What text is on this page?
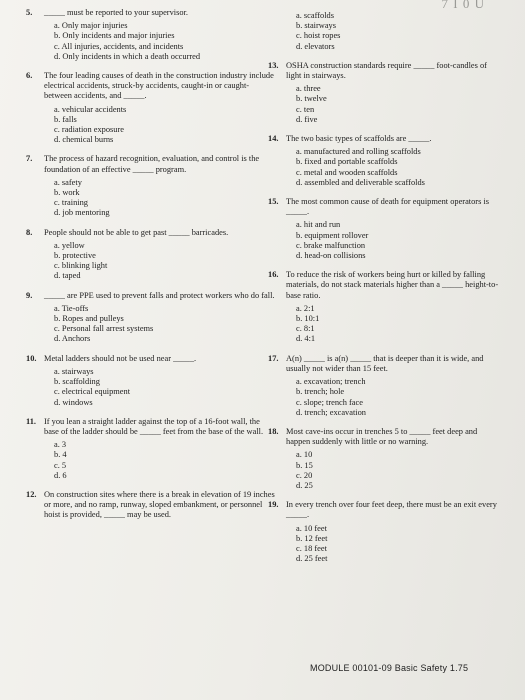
7 I 0 U
5. _____ must be reported to your supervisor.
a. Only major injuries
b. Only incidents and major injuries
c. All injuries, accidents, and incidents
d. Only incidents in which a death occurred
6. The four leading causes of death in the construction industry include electrical accidents, struck-by accidents, caught-in or caught-between accidents, and _____.
a. vehicular accidents
b. falls
c. radiation exposure
d. chemical burns
7. The process of hazard recognition, evaluation, and control is the foundation of an effective _____ program.
a. safety
b. work
c. training
d. job mentoring
8. People should not be able to get past _____ barricades.
a. yellow
b. protective
c. blinking light
d. taped
9. _____ are PPE used to prevent falls and protect workers who do fall.
a. Tie-offs
b. Ropes and pulleys
c. Personal fall arrest systems
d. Anchors
10. Metal ladders should not be used near _____.
a. stairways
b. scaffolding
c. electrical equipment
d. windows
11. If you lean a straight ladder against the top of a 16-foot wall, the base of the ladder should be _____ feet from the base of the wall.
a. 3
b. 4
c. 5
d. 6
12. On construction sites where there is a break in elevation of 19 inches or more, and no ramp, runway, sloped embankment, or personnel hoist is provided, _____ may be used.
a. scaffolds
b. stairways
c. hoist ropes
d. elevators
13. OSHA construction standards require _____ foot-candles of light in stairways.
a. three
b. twelve
c. ten
d. five
14. The two basic types of scaffolds are _____.
a. manufactured and rolling scaffolds
b. fixed and portable scaffolds
c. metal and wooden scaffolds
d. assembled and deliverable scaffolds
15. The most common cause of death for equipment operators is _____.
a. hit and run
b. equipment rollover
c. brake malfunction
d. head-on collisions
16. To reduce the risk of workers being hurt or killed by falling materials, do not stack materials higher than a _____ height-to-base ratio.
a. 2:1
b. 10:1
c. 8:1
d. 4:1
17. A(n) _____ is a(n) _____ that is deeper than it is wide, and usually not wider than 15 feet.
a. excavation; trench
b. trench; hole
c. slope; trench face
d. trench; excavation
18. Most cave-ins occur in trenches 5 to _____ feet deep and happen suddenly with little or no warning.
a. 10
b. 15
c. 20
d. 25
19. In every trench over four feet deep, there must be an exit every _____.
a. 10 feet
b. 12 feet
c. 18 feet
d. 25 feet
MODULE 00101-09 Basic Safety 1.75
